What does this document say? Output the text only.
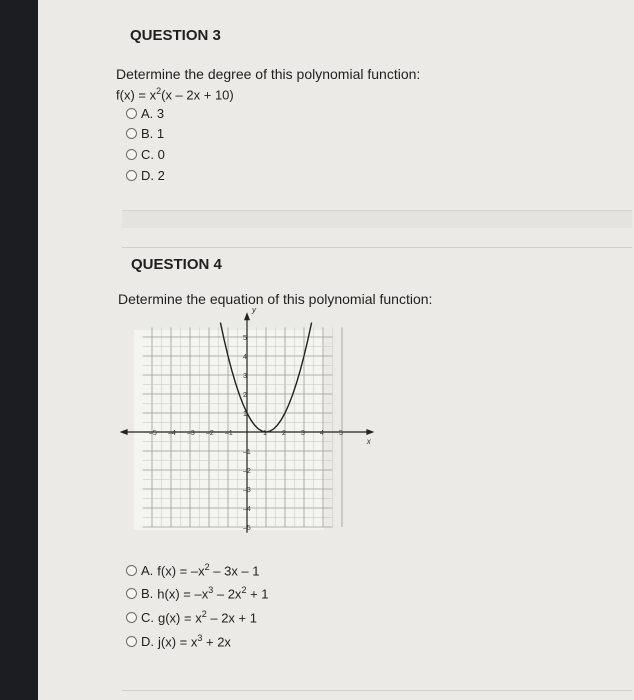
QUESTION 3
Determine the degree of this polynomial function:
$f(x) = x^2(x - 2x + 10)$
A. 3
B. 1
C. 0
D. 2
QUESTION 4
Determine the equation of this polynomial function:
–5 –4 –3 –2 –1	1 2 3 4 5
5
4
3
2
1
–1
–2
–3
–4
–5
x
y
A. $f(x) = -x^2 - 3x - 1$
B. $h(x) = -x^3 - 2x^2 + 1$
C. $g(x) = x^2 - 2x + 1$
D. $j(x) = x^3 + 2x$
